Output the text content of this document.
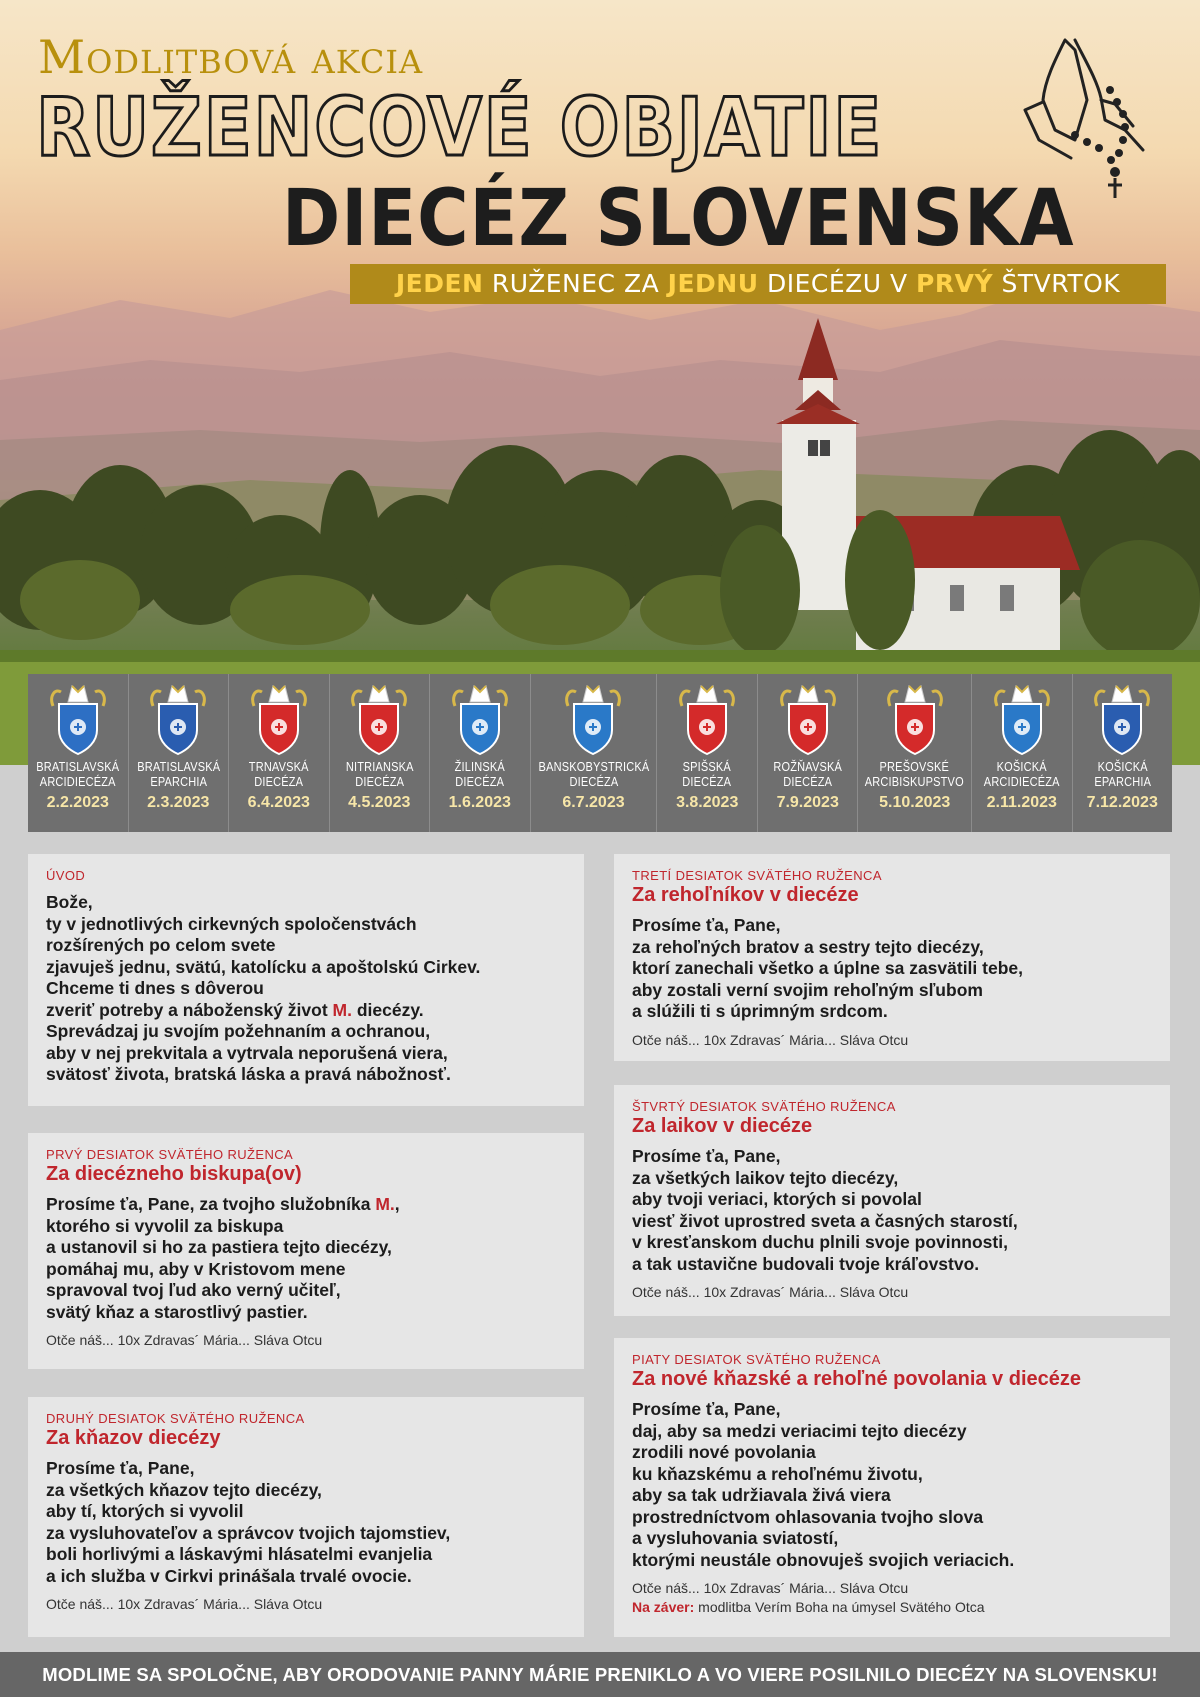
Modlitbová akcia
RUŽENCOVÉ OBJATIE
DIECÉZ SLOVENSKA
JEDEN RUŽENEC ZA JEDNU DIECÉZU V PRVÝ ŠTVRTOK
BRATISLAVSKÁ
ARCIDIECÉZA
2.2.2023
BRATISLAVSKÁ
EPARCHIA
2.3.2023
TRNAVSKÁ
DIECÉZA
6.4.2023
NITRIANSKA
DIECÉZA
4.5.2023
ŽILINSKÁ
DIECÉZA
1.6.2023
BANSKOBYSTRICKÁ
DIECÉZA
6.7.2023
SPIŠSKÁ
DIECÉZA
3.8.2023
ROŽŇAVSKÁ
DIECÉZA
7.9.2023
PREŠOVSKÉ
ARCIBISKUPSTVO
5.10.2023
KOŠICKÁ
ARCIDIECÉZA
2.11.2023
KOŠICKÁ
EPARCHIA
7.12.2023
ÚVOD
Bože,
ty v jednotlivých cirkevných spoločenstvách
rozšírených po celom svete
zjavuješ jednu, svätú, katolícku a apoštolskú Cirkev.
Chceme ti dnes s dôverou
zveriť potreby a náboženský život M. diecézy.
Sprevádzaj ju svojím požehnaním a ochranou,
aby v nej prekvitala a vytrvala neporušená viera,
svätosť života, bratská láska a pravá nábožnosť.
PRVÝ DESIATOK SVÄTÉHO RUŽENCA
Za diecézneho biskupa(ov)
Prosíme ťa, Pane, za tvojho služobníka M.,
ktorého si vyvolil za biskupa
a ustanovil si ho za pastiera tejto diecézy,
pomáhaj mu, aby v Kristovom mene
spravoval tvoj ľud ako verný učiteľ,
svätý kňaz a starostlivý pastier.
Otče náš... 10x Zdravas´ Mária... Sláva Otcu
DRUHÝ DESIATOK SVÄTÉHO RUŽENCA
Za kňazov diecézy
Prosíme ťa, Pane,
za všetkých kňazov tejto diecézy,
aby tí, ktorých si vyvolil
za vysluhovateľov a správcov tvojich tajomstiev,
boli horlivými a láskavými hlásatelmi evanjelia
a ich služba v Cirkvi prinášala trvalé ovocie.
Otče náš... 10x Zdravas´ Mária... Sláva Otcu
TRETÍ DESIATOK SVÄTÉHO RUŽENCA
Za rehoľníkov v diecéze
Prosíme ťa, Pane,
za rehoľných bratov a sestry tejto diecézy,
ktorí zanechali všetko a úplne sa zasvätili tebe,
aby zostali verní svojim rehoľným sľubom
a slúžili ti s úprimným srdcom.
Otče náš... 10x Zdravas´ Mária... Sláva Otcu
ŠTVRTÝ DESIATOK SVÄTÉHO RUŽENCA
Za laikov v diecéze
Prosíme ťa, Pane,
za všetkých laikov tejto diecézy,
aby tvoji veriaci, ktorých si povolal
viesť život uprostred sveta a časných starostí,
v kresťanskom duchu plnili svoje povinnosti,
a tak ustavične budovali tvoje kráľovstvo.
Otče náš... 10x Zdravas´ Mária... Sláva Otcu
PIATY DESIATOK SVÄTÉHO RUŽENCA
Za nové kňazské a rehoľné povolania v diecéze
Prosíme ťa, Pane,
daj, aby sa medzi veriacimi tejto diecézy
zrodili nové povolania
ku kňazskému a rehoľnému životu,
aby sa tak udržiavala živá viera
prostredníctvom ohlasovania tvojho slova
a vysluhovania sviatostí,
ktorými neustále obnovuješ svojich veriacich.
Otče náš... 10x Zdravas´ Mária... Sláva Otcu
Na záver: modlitba Verím Boha na úmysel Svätého Otca
MODLIME SA SPOLOČNE, ABY ORODOVANIE PANNY MÁRIE PRENIKLO A VO VIERE POSILNILO DIECÉZY NA SLOVENSKU!
